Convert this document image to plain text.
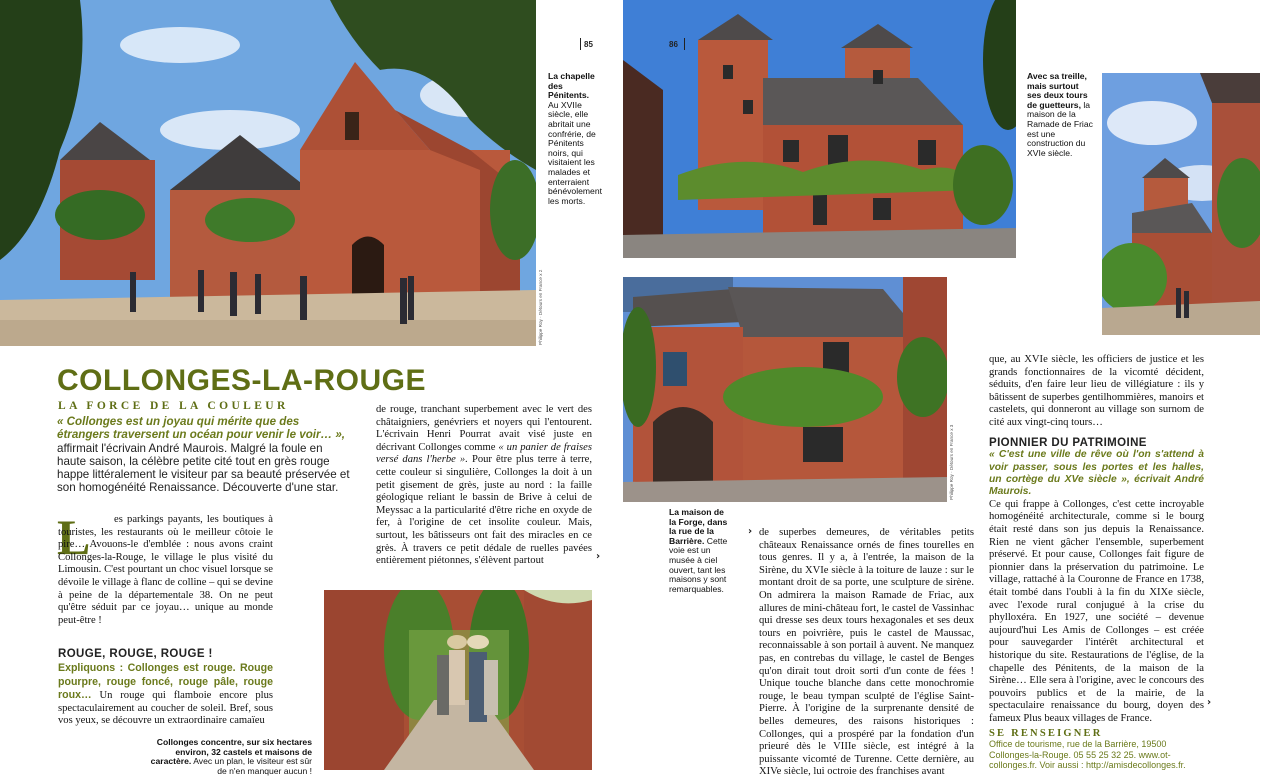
Philippe Roy · Détours en France x 2
85
La chapelle des Pénitents. Au XVIIe siècle, elle abritait une confrérie, de Pénitents noirs, qui visitaient les malades et enterraient bénévolement les morts.
86
Avec sa treille, mais surtout ses deux tours de guetteurs, la maison de la Ramade de Friac est une construction du XVIe siècle.
Philippe Roy · Détours en France x 3
La maison de la Forge, dans la rue de la Barrière. Cette voie est un musée à ciel ouvert, tant les maisons y sont remarquables.
Collonges concentre, sur six hectares environ, 32 castels et maisons de caractère. Avec un plan, le visiteur est sûr de n'en manquer aucun !
COLLONGES-LA-ROUGE
LA FORCE DE LA COULEUR
« Collonges est un joyau qui mérite que des étrangers traversent un océan pour venir le voir… », affirmait l'écrivain André Maurois. Malgré la foule en haute saison, la célèbre petite cité tout en grès rouge happe littéralement le visiteur par sa beauté préservée et son homogénéité Renaissance. Découverte d'une star.
L	es parkings payants, les boutiques à touristes, les restaurants où le meilleur côtoie le pire… Avouons-le d'emblée : nous avons craint Collonges-la-Rouge, le village le plus visité du Limousin. C'est pourtant un choc visuel lorsque se dévoile le village à flanc de colline – qui se devine à peine de la départementale 38. On ne peut qu'être séduit par ce joyau… unique au monde peut-être !

ROUGE, ROUGE, ROUGE !
Expliquons : Collonges est rouge. Rouge pourpre, rouge foncé, rouge pâle, rouge roux… Un rouge qui flamboie encore plus spectaculairement au coucher de soleil. Bref, sous vos yeux, se découvre un extraordinaire camaïeu
de rouge, tranchant superbement avec le vert des châtaigniers, genévriers et noyers qui l'entourent. L'écrivain Henri Pourrat avait visé juste en décrivant Collonges comme « un panier de fraises versé dans l'herbe ». Pour être plus terre à terre, cette couleur si singulière, Collonges la doit à un petit gisement de grès, juste au nord : la faille géologique reliant le bassin de Brive à celui de Meyssac a la particularité d'être riche en oxyde de fer, à l'origine de cet insolite couleur. Mais, surtout, les bâtisseurs ont fait des miracles en ce grès. À travers ce petit dédale de ruelles pavées entièrement piétonnes, s'élèvent partout	›
› de superbes demeures, de véritables petits châteaux Renaissance ornés de fines tourelles en tous genres. Il y a, à l'entrée, la maison de la Sirène, du XVIe siècle à la toiture de lauze : sur le montant droit de sa porte, une sculpture de sirène. On admirera la maison Ramade de Friac, aux allures de mini-château fort, le castel de Vassinhac qui dresse ses deux tours hexagonales et ses deux tours en poivrière, puis le castel de Maussac, reconnaissable à son portail à auvent. Ne manquez pas, en contrebas du village, le castel de Benges qu'on dirait tout droit sorti d'un conte de fées ! Unique touche blanche dans cette monochromie rouge, le beau tympan sculpté de l'église Saint-Pierre. À l'origine de la surprenante densité de belles demeures, des raisons historiques : Collonges, qui a prospéré par la fondation d'un prieuré dès le VIIIe siècle, est intégré à la puissante vicomté de Turenne. Cette dernière, au XIVe siècle, lui octroie des franchises avant

que, au XVIe siècle, les officiers de justice et les grands fonctionnaires de la vicomté décident, séduits, d'en faire leur lieu de villégiature : ils y bâtissent de superbes gentilhommières, manoirs et castelets, qui donneront au village son surnom de cité aux vingt-cinq tours…

PIONNIER DU PATRIMOINE

« C'est une ville de rêve où l'on s'attend à voir passer, sous les portes et les halles, un cortège du XVe siècle », écrivait André Maurois.

Ce qui frappe à Collonges, c'est cette incroyable homogénéité architecturale, comme si le bourg était resté dans son jus depuis la Renaissance. Rien ne vient gâcher l'ensemble, superbement préservé. Et pour cause, Collonges fait figure de pionnier dans la préservation du patrimoine. Le village, rattaché à la Couronne de France en 1738, était tombé dans l'oubli à la fin du XIXe siècle, avec l'exode rural conjugué à la crise du phylloxéra. En 1927, une société – devenue aujourd'hui Les Amis de Collonges – est créée pour sauvegarder l'intérêt architectural et historique du site. Restaurations de l'église, de la chapelle des Pénitents, de la maison de la Sirène… Elle sera à l'origine, avec le concours des pouvoirs publics et de la mairie, de la spectaculaire renaissance du bourg, doyen des fameux Plus beaux villages de France.

›
SE RENSEIGNER
Office de tourisme, rue de la Barrière, 19500 Collonges-la-Rouge. 05 55 25 32 25. www.ot-collonges.fr. Voir aussi : http://amisdecollonges.fr.
